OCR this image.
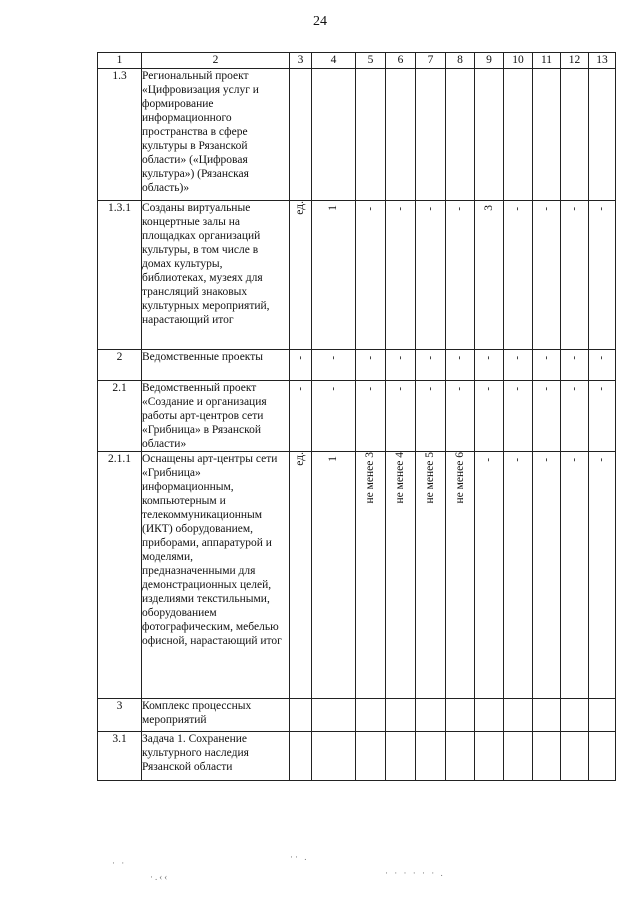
24
1	2	3	4	5	6	7	8	9	10	11	12	13
1.3	Региональный проект «Цифровизация услуг и формирование информационного пространства в сфере культуры в Рязанской области» («Цифровая культура») (Рязанская область)»											
1.3.1	Созданы виртуальные концертные залы на площадках организаций культуры, в том числе в домах культуры, библиотеках, музеях для трансляций знаковых культурных мероприятий, нарастающий итог	ед.	1	-	-	-	-	3	-	-	-	-
2	Ведомственные проекты	-	-	-	-	-	-	-	-	-	-	-
2.1	Ведомственный проект «Создание и организация работы арт-центров сети «Грибница» в Рязанской области»	-	-	-	-	-	-	-	-	-	-	-
2.1.1	Оснащены арт-центры сети «Грибница» информационным, компьютерным и телекоммуникационным (ИКТ) оборудованием, приборами, аппаратурой и моделями, предназначенными для демонстрационных целей, изделиями текстильными, оборудованием фотографическим, мебелью офисной, нарастающий итог	ед.	1	не менее 3	не менее 4	не менее 5	не менее 6	-	-	-	-	-
3	Комплекс процессных мероприятий											
3.1	Задача 1. Сохранение культурного наследия Рязанской области											
· ·
·· .
·.‹‹	· · · · · · .
